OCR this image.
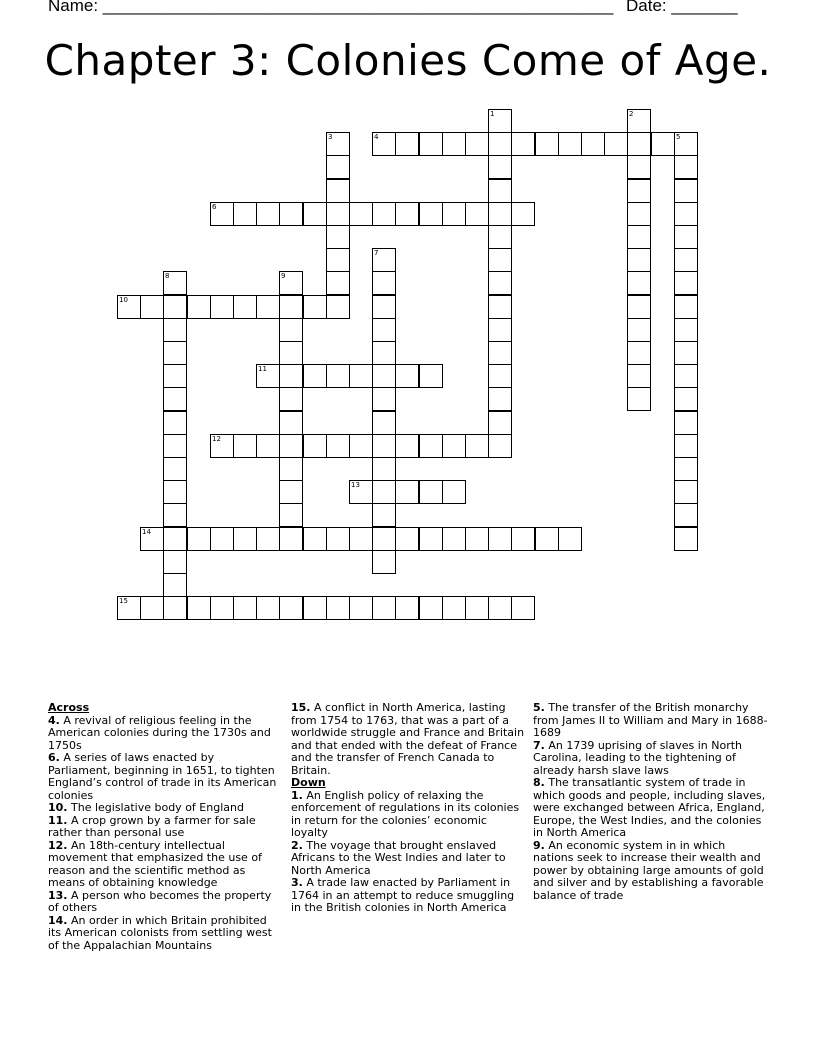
Name: ______________________________________________________ Date: _______
Chapter 3: Colonies Come of Age.
1	2
3	4	5
6
7
8	9
10
11
12
13
14
15
Across
4. A revival of religious feeling in the American colonies during the 1730s and 1750s
6. A series of laws enacted by Parliament, beginning in 1651, to tighten England’s control of trade in its American colonies
10. The legislative body of England
11. A crop grown by a farmer for sale rather than personal use
12. An 18th-century intellectual movement that emphasized the use of reason and the scientific method as means of obtaining knowledge
13. A person who becomes the property of others
14. An order in which Britain prohibited its American colonists from settling west of the Appalachian Mountains
15. A conflict in North America, lasting from 1754 to 1763, that was a part of a worldwide struggle and France and Britain and that ended with the defeat of France and the transfer of French Canada to Britain.
Down
1. An English policy of relaxing the enforcement of regulations in its colonies in return for the colonies’ economic loyalty
2. The voyage that brought enslaved Africans to the West Indies and later to North America
3. A trade law enacted by Parliament in 1764 in an attempt to reduce smuggling in the British colonies in North America
5. The transfer of the British monarchy from James II to William and Mary in 1688-1689
7. An 1739 uprising of slaves in North Carolina, leading to the tightening of already harsh slave laws
8. The transatlantic system of trade in which goods and people, including slaves, were exchanged between Africa, England, Europe, the West Indies, and the colonies in North America
9. An economic system in in which nations seek to increase their wealth and power by obtaining large amounts of gold and silver and by establishing a favorable balance of trade
